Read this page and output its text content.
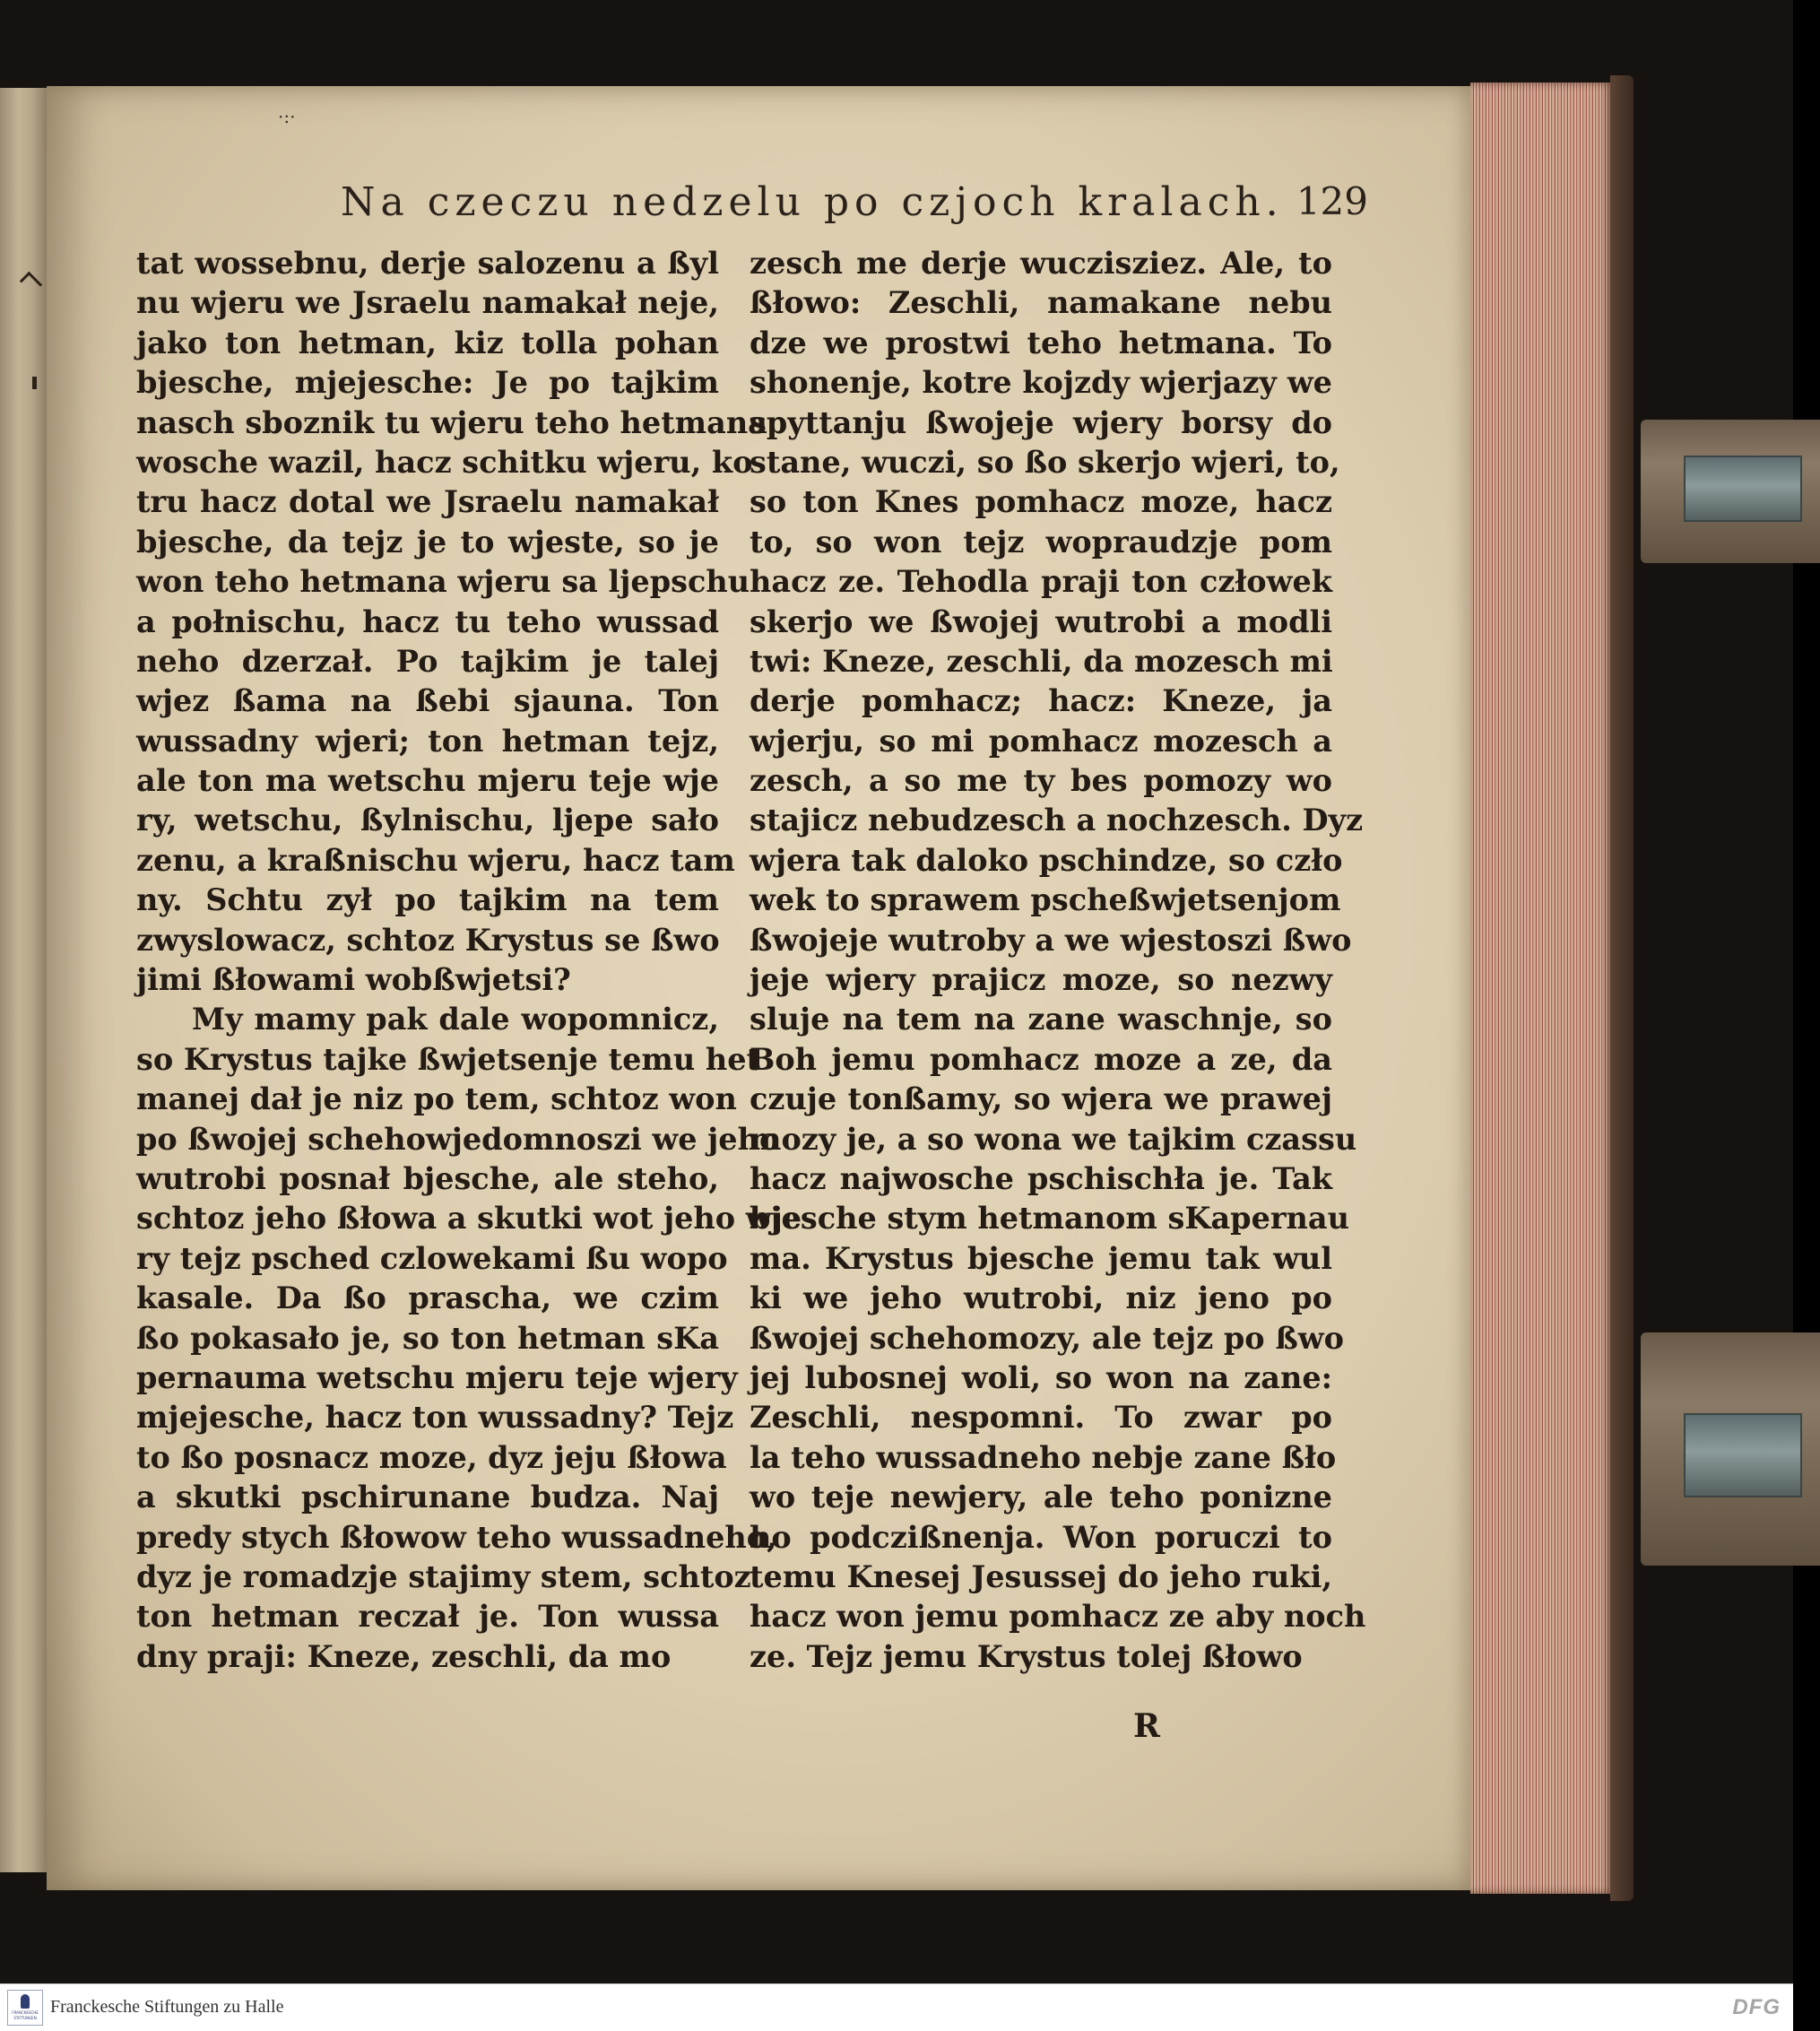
·:·
Na czeczu nedzelu po czjoch kralach. 129
tat wossebnu, derje salozenu a ßyl
nu wjeru we Jsraelu namakał neje,
jako ton hetman, kiz tolla pohan
bjesche, mjejesche: Je po tajkim
nasch sboznik tu wjeru teho hetmana
wosche wazil, hacz schitku wjeru, ko
tru hacz dotal we Jsraelu namakał
bjesche, da tejz je to wjeste, so je
won teho hetmana wjeru sa ljepschu
a połnischu, hacz tu teho wussad
neho dzerzał. Po tajkim je talej
wjez ßama na ßebi sjauna. Ton
wussadny wjeri; ton hetman tejz,
ale ton ma wetschu mjeru teje wje
ry, wetschu, ßylnischu, ljepe sało
zenu, a kraßnischu wjeru, hacz tam
ny. Schtu zył po tajkim na tem
zwyslowacz, schtoz Krystus se ßwo
jimi ßłowami wobßwjetsi?
My mamy pak dale wopomnicz,
so Krystus tajke ßwjetsenje temu het
manej dał je niz po tem, schtoz won
po ßwojej schehowjedomnoszi we jeho
wutrobi posnał bjesche, ale steho,
schtoz jeho ßłowa a skutki wot jeho wje
ry tejz psched czlowekami ßu wopo
kasale. Da ßo prascha, we czim
ßo pokasało je, so ton hetman sKa
pernauma wetschu mjeru teje wjery
mjejesche, hacz ton wussadny? Tejz
to ßo posnacz moze, dyz jeju ßłowa
a skutki pschirunane budza. Naj
predy stych ßłowow teho wussadneho,
dyz je romadzje stajimy stem, schtoz
ton hetman reczał je. Ton wussa
dny praji: Kneze, zeschli, da mo
zesch me derje wuczisziez. Ale, to
ßłowo: Zeschli, namakane nebu
dze we prostwi teho hetmana. To
shonenje, kotre kojzdy wjerjazy we
spyttanju ßwojeje wjery borsy do
stane, wuczi, so ßo skerjo wjeri, to,
so ton Knes pomhacz moze, hacz
to, so won tejz wopraudzje pom
hacz ze. Tehodla praji ton człowek
skerjo we ßwojej wutrobi a modli
twi: Kneze, zeschli, da mozesch mi
derje pomhacz; hacz: Kneze, ja
wjerju, so mi pomhacz mozesch a
zesch, a so me ty bes pomozy wo
stajicz nebudzesch a nochzesch. Dyz
wjera tak daloko pschindze, so czło
wek to sprawem pscheßwjetsenjom
ßwojeje wutroby a we wjestoszi ßwo
jeje wjery prajicz moze, so nezwy
sluje na tem na zane waschnje, so
Boh jemu pomhacz moze a ze, da
czuje tonßamy, so wjera we prawej
mozy je, a so wona we tajkim czassu
hacz najwosche pschischła je. Tak
bjesche stym hetmanom sKapernau
ma. Krystus bjesche jemu tak wul
ki we jeho wutrobi, niz jeno po
ßwojej schehomozy, ale tejz po ßwo
jej lubosnej woli, so won na zane:
Zeschli, nespomni. To zwar po
la teho wussadneho nebje zane ßło
wo teje newjery, ale teho ponizne
ho podczißnenja. Won poruczi to
temu Knesej Jesussej do jeho ruki,
hacz won jemu pomhacz ze aby noch
ze. Tejz jemu Krystus tolej ßłowo
R
FRANCKESCHE STIFTUNGEN
Franckesche Stiftungen zu Halle	DFG
